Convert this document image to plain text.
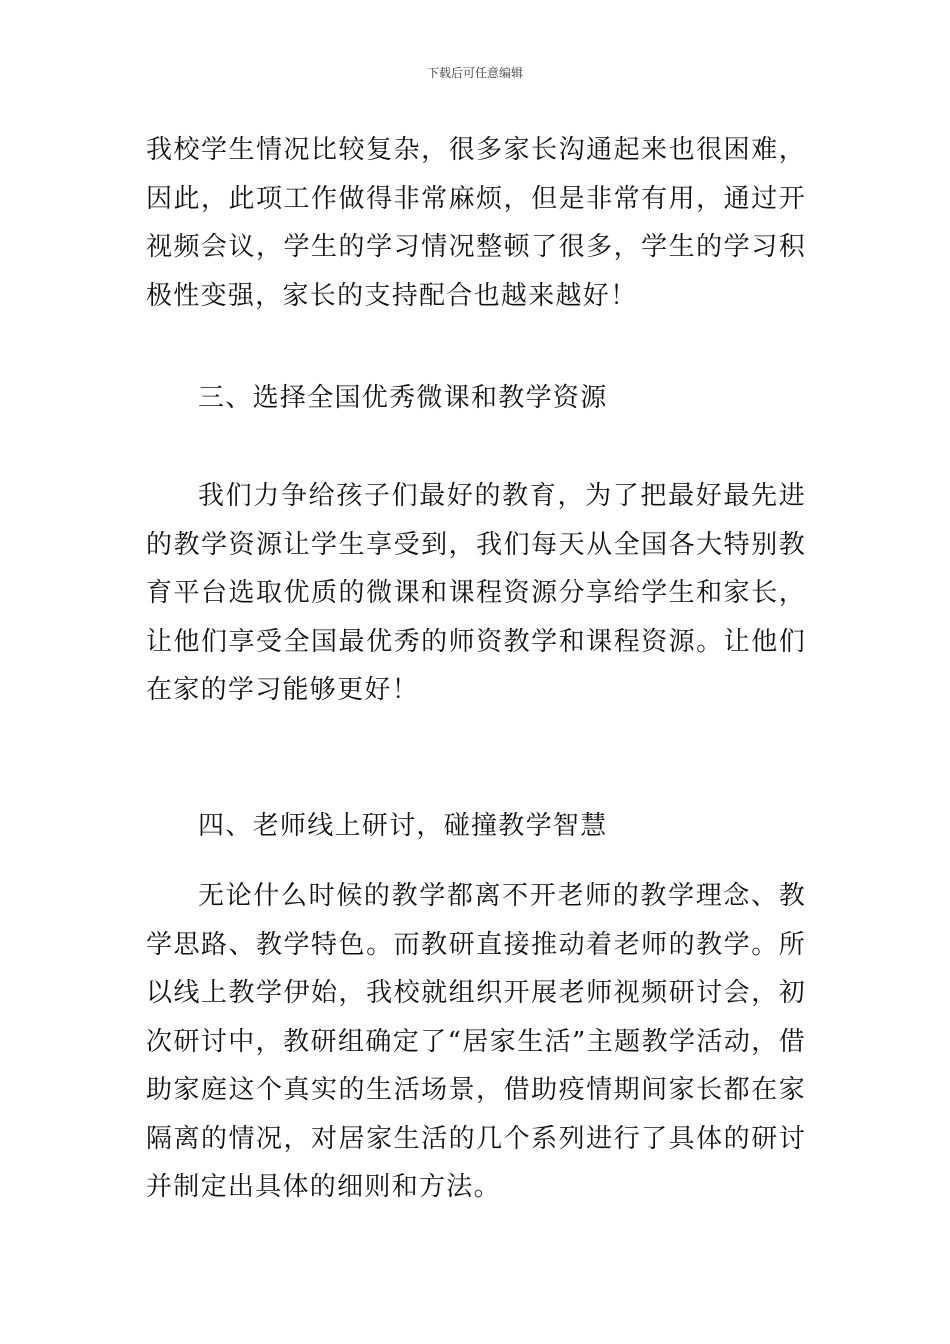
下载后可任意编辑

我校学生情况比较复杂，很多家长沟通起来也很困难，因此，此项工作做得非常麻烦，但是非常有用，通过开视频会议，学生的学习情况整顿了很多，学生的学习积极性变强，家长的支持配合也越来越好！

三、选择全国优秀微课和教学资源

我们力争给孩子们最好的教育，为了把最好最先进的教学资源让学生享受到，我们每天从全国各大特别教育平台选取优质的微课和课程资源分享给学生和家长，让他们享受全国最优秀的师资教学和课程资源。让他们在家的学习能够更好！

四、老师线上研讨，碰撞教学智慧

无论什么时候的教学都离不开老师的教学理念、教学思路、教学特色。而教研直接推动着老师的教学。所以线上教学伊始，我校就组织开展老师视频研讨会，初次研讨中，教研组确定了“居家生活”主题教学活动，借助家庭这个真实的生活场景，借助疫情期间家长都在家隔离的情况，对居家生活的几个系列进行了具体的研讨并制定出具体的细则和方法。
